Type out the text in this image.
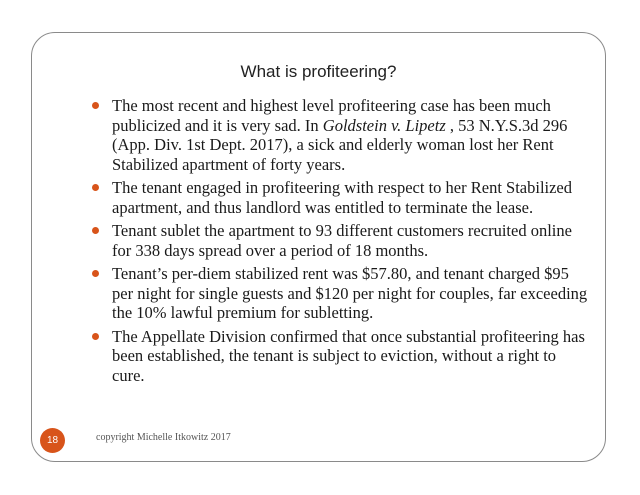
What is profiteering?
The most recent and highest level profiteering case has been much publicized and it is very sad. In Goldstein v. Lipetz , 53 N.Y.S.3d 296 (App. Div. 1st Dept. 2017), a sick and elderly woman lost her Rent Stabilized apartment of forty years.
The tenant engaged in profiteering with respect to her Rent Stabilized apartment, and thus landlord was entitled to terminate the lease.
Tenant sublet the apartment to 93 different customers recruited online for 338 days spread over a period of 18 months.
Tenant’s per-diem stabilized rent was $57.80, and tenant charged $95 per night for single guests and $120 per night for couples, far exceeding the 10% lawful premium for subletting.
The Appellate Division confirmed that once substantial profiteering has been established, the tenant is subject to eviction, without a right to cure.
18	copyright Michelle Itkowitz 2017
